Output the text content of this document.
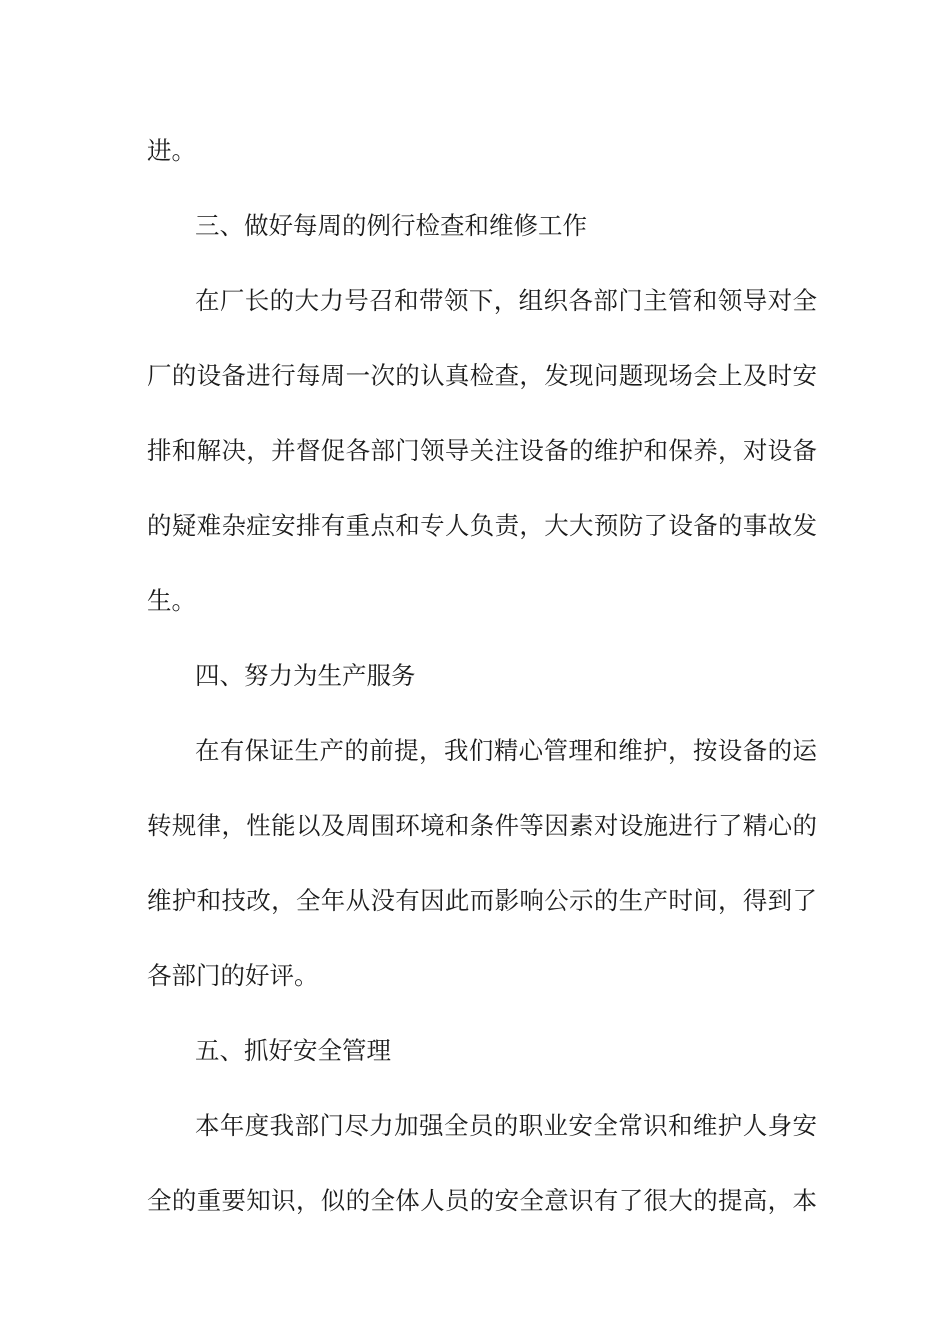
进。
三、做好每周的例行检查和维修工作
在厂长的大力号召和带领下，组织各部门主管和领导对全
厂的设备进行每周一次的认真检查，发现问题现场会上及时安
排和解决，并督促各部门领导关注设备的维护和保养，对设备
的疑难杂症安排有重点和专人负责，大大预防了设备的事故发
生。
四、努力为生产服务
在有保证生产的前提，我们精心管理和维护，按设备的运
转规律，性能以及周围环境和条件等因素对设施进行了精心的
维护和技改，全年从没有因此而影响公示的生产时间，得到了
各部门的好评。
五、抓好安全管理
本年度我部门尽力加强全员的职业安全常识和维护人身安
全的重要知识，似的全体人员的安全意识有了很大的提高，本
